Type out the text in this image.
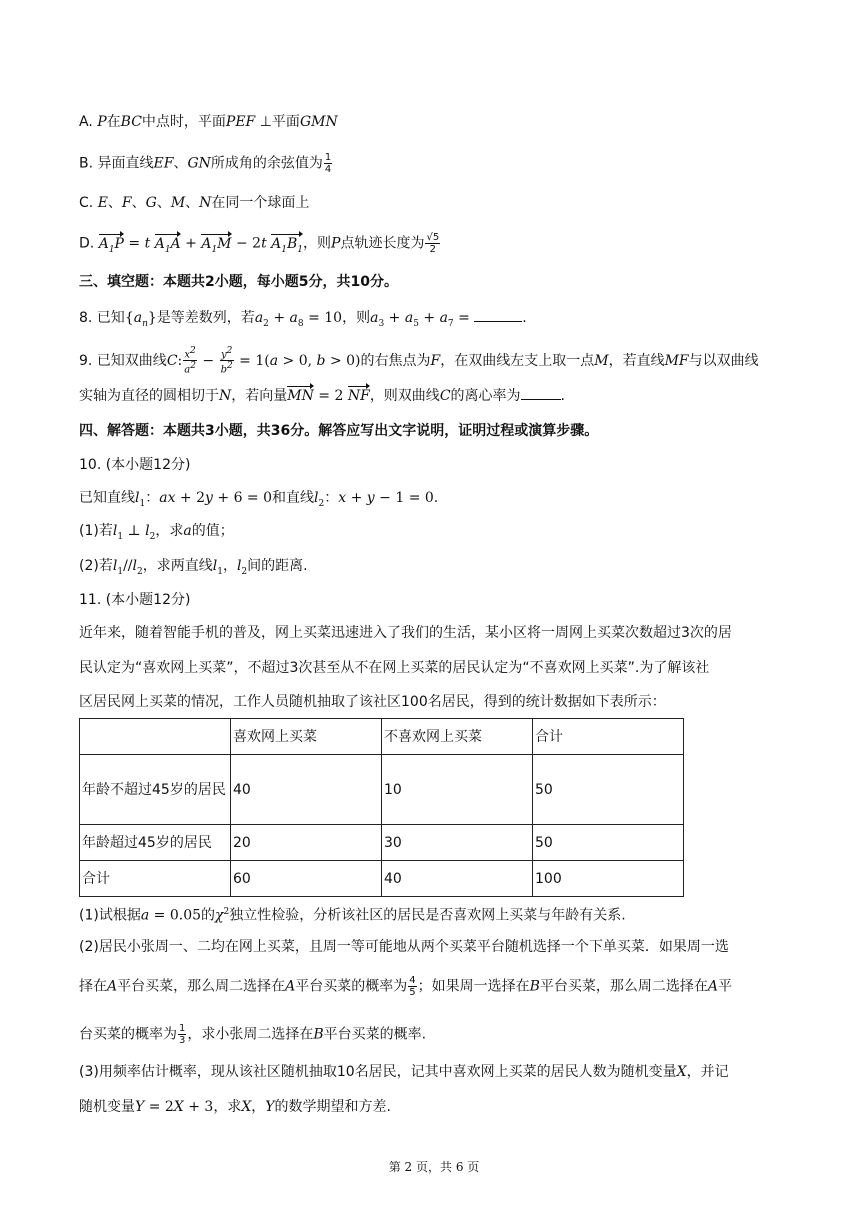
A. P在BC中点时，平面PEF ⊥平面GMN
B. 异面直线EF、GN所成角的余弦值为 $\frac{1}{4}$
C. E、F、G、M、N在同一个球面上
D. $A_1P = t$ $A_1A + A_1M - 2t$ $A_1B_1$，则P点轨迹长度为 $\frac{√5}{2}$
三、填空题：本题共2小题，每小题5分，共10分。
8. 已知$\{a_n\}$是等差数列，若$a_2 + a_8 = 10$，则$a_3 + a_5 + a_7$ =	.
9. 已知双曲线C: $\frac{x^2}{a^2} - \frac{y^2}{b^2} = 1(a > 0$, b > 0)的右焦点为F，在双曲线左支上取一点M，若直线MF与以双曲线
实轴为直径的圆相切于N，若向量MN = 2 NF，则双曲线C的离心率为	.
四、解答题：本题共3小题，共36分。解答应写出文字说明，证明过程或演算步骤。
10. (本小题12分)
已知直线$l_1$：ax + 2y + 6 = 0和直线$l_2$：x + y − 1 = 0.
(1)若$l_1$ ⊥ $l_2$，求a的值；
(2)若$l_1//l_2$，求两直线$l_1$，$l_2$间的距离.
11. (本小题12分)
近年来，随着智能手机的普及，网上买菜迅速进入了我们的生活，某小区将一周网上买菜次数超过3次的居
民认定为“喜欢网上买菜”，不超过3次甚至从不在网上买菜的居民认定为“不喜欢网上买菜”.为了解该社
区居民网上买菜的情况，工作人员随机抽取了该社区100名居民，得到的统计数据如下表所示：
	喜欢网上买菜	不喜欢网上买菜	合计
年龄不超过45岁的居民	40	10	50
年龄超过45岁的居民	20	30	50
合计	60	40	100
(1)试根据a = 0.05的$\chi^2$独立性检验，分析该社区的居民是否喜欢网上买菜与年龄有关系.
(2)居民小张周一、二均在网上买菜，且周一等可能地从两个买菜平台随机选择一个下单买菜．如果周一选
择在A平台买菜，那么周二选择在A平台买菜的概率为 $\frac{4}{5}$ ；如果周一选择在B平台买菜，那么周二选择在A平
台买菜的概率为 $\frac{1}{3}$ ，求小张周二选择在B平台买菜的概率.
(3)用频率估计概率，现从该社区随机抽取10名居民，记其中喜欢网上买菜的居民人数为随机变量X，并记
随机变量Y = 2X + 3，求X，Y的数学期望和方差.
第 2 页，共 6 页
